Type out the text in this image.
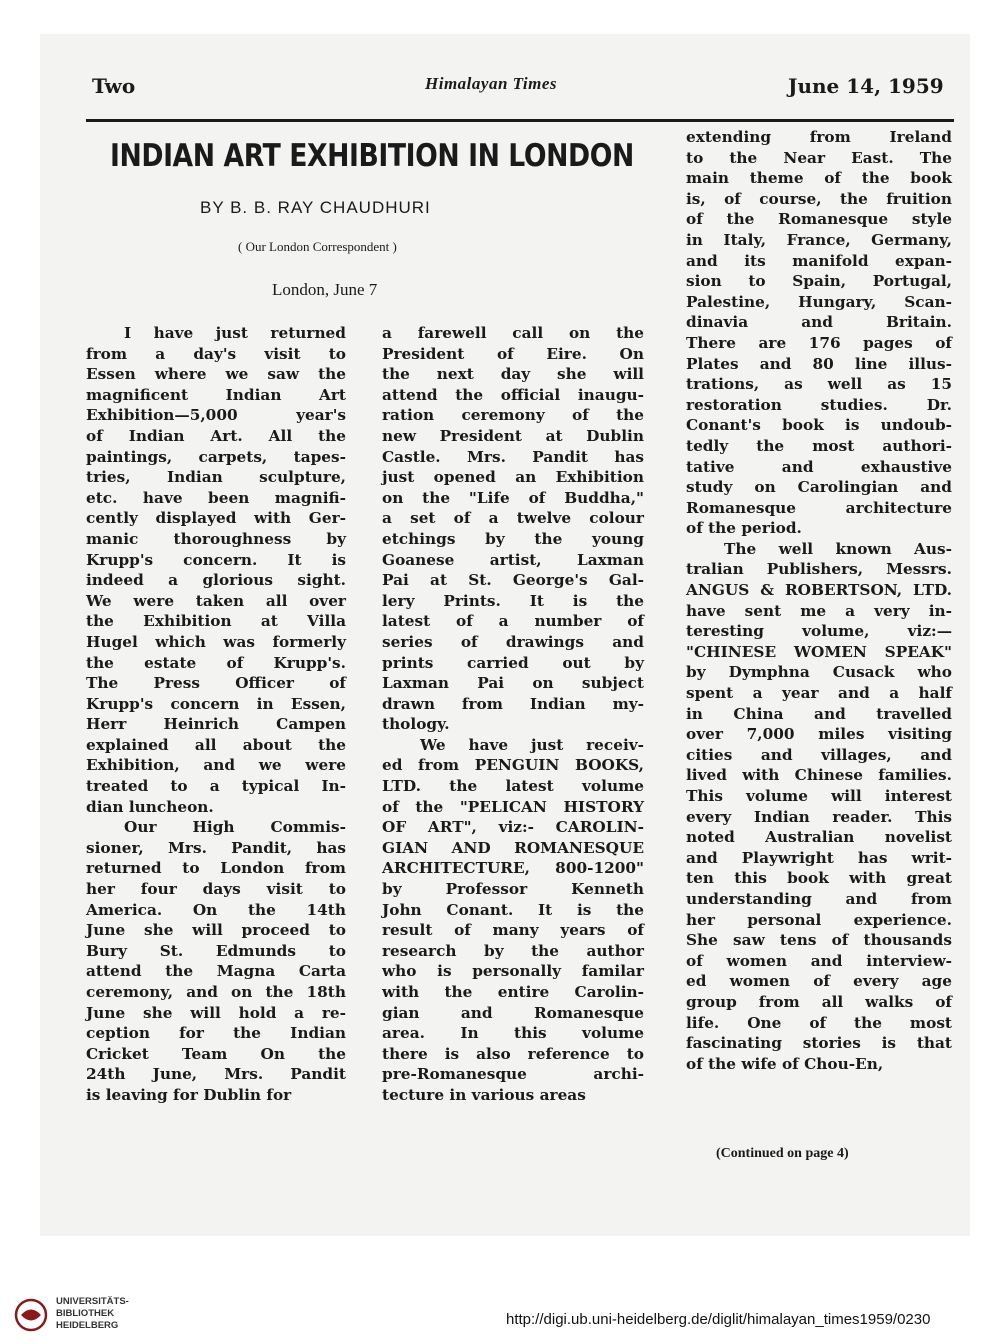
Two	Himalayan Times	June 14, 1959
INDIAN ART EXHIBITION IN LONDON
BY B. B. RAY CHAUDHURI
( Our London Correspondent )
London, June 7
I have just returned
from a day's visit to
Essen where we saw the
magnificent Indian Art
Exhibition—5,000 year's
of Indian Art. All the
paintings, carpets, tapes-
tries, Indian sculpture,
etc. have been magnifi-
cently displayed with Ger-
manic thoroughness by
Krupp's concern. It is
indeed a glorious sight.
We were taken all over
the Exhibition at Villa
Hugel which was formerly
the estate of Krupp's.
The Press Officer of
Krupp's concern in Essen,
Herr Heinrich Campen
explained all about the
Exhibition, and we were
treated to a typical In-
dian luncheon.
Our High Commis-
sioner, Mrs. Pandit, has
returned to London from
her four days visit to
America. On the 14th
June she will proceed to
Bury St. Edmunds to
attend the Magna Carta
ceremony, and on the 18th
June she will hold a re-
ception for the Indian
Cricket Team On the
24th June, Mrs. Pandit
is leaving for Dublin for
a farewell call on the
President of Eire. On
the next day she will
attend the official inaugu-
ration ceremony of the
new President at Dublin
Castle. Mrs. Pandit has
just opened an Exhibition
on the "Life of Buddha,"
a set of a twelve colour
etchings by the young
Goanese artist, Laxman
Pai at St. George's Gal-
lery Prints. It is the
latest of a number of
series of drawings and
prints carried out by
Laxman Pai on subject
drawn from Indian my-
thology.
We have just receiv-
ed from PENGUIN BOOKS,
LTD. the latest volume
of the "PELICAN HISTORY
OF ART", viz:- CAROLIN-
GIAN AND ROMANESQUE
ARCHITECTURE, 800-1200"
by Professor Kenneth
John Conant. It is the
result of many years of
research by the author
who is personally familar
with the entire Carolin-
gian and Romanesque
area. In this volume
there is also reference to
pre-Romanesque archi-
tecture in various areas
extending from Ireland
to the Near East. The
main theme of the book
is, of course, the fruition
of the Romanesque style
in Italy, France, Germany,
and its manifold expan-
sion to Spain, Portugal,
Palestine, Hungary, Scan-
dinavia and Britain.
There are 176 pages of
Plates and 80 line illus-
trations, as well as 15
restoration studies. Dr.
Conant's book is undoub-
tedly the most authori-
tative and exhaustive
study on Carolingian and
Romanesque architecture
of the period.
The well known Aus-
tralian Publishers, Messrs.
ANGUS & ROBERTSON, LTD.
have sent me a very in-
teresting volume, viz:—
"CHINESE WOMEN SPEAK"
by Dymphna Cusack who
spent a year and a half
in China and travelled
over 7,000 miles visiting
cities and villages, and
lived with Chinese families.
This volume will interest
every Indian reader. This
noted Australian novelist
and Playwright has writ-
ten this book with great
understanding and from
her personal experience.
She saw tens of thousands
of women and interview-
ed women of every age
group from all walks of
life. One of the most
fascinating stories is that
of the wife of Chou-En,
(Continued on page 4)
UNIVERSITÄTS-
BIBLIOTHEK
HEIDELBERG	http://digi.ub.uni-heidelberg.de/diglit/himalayan_times1959/0230
